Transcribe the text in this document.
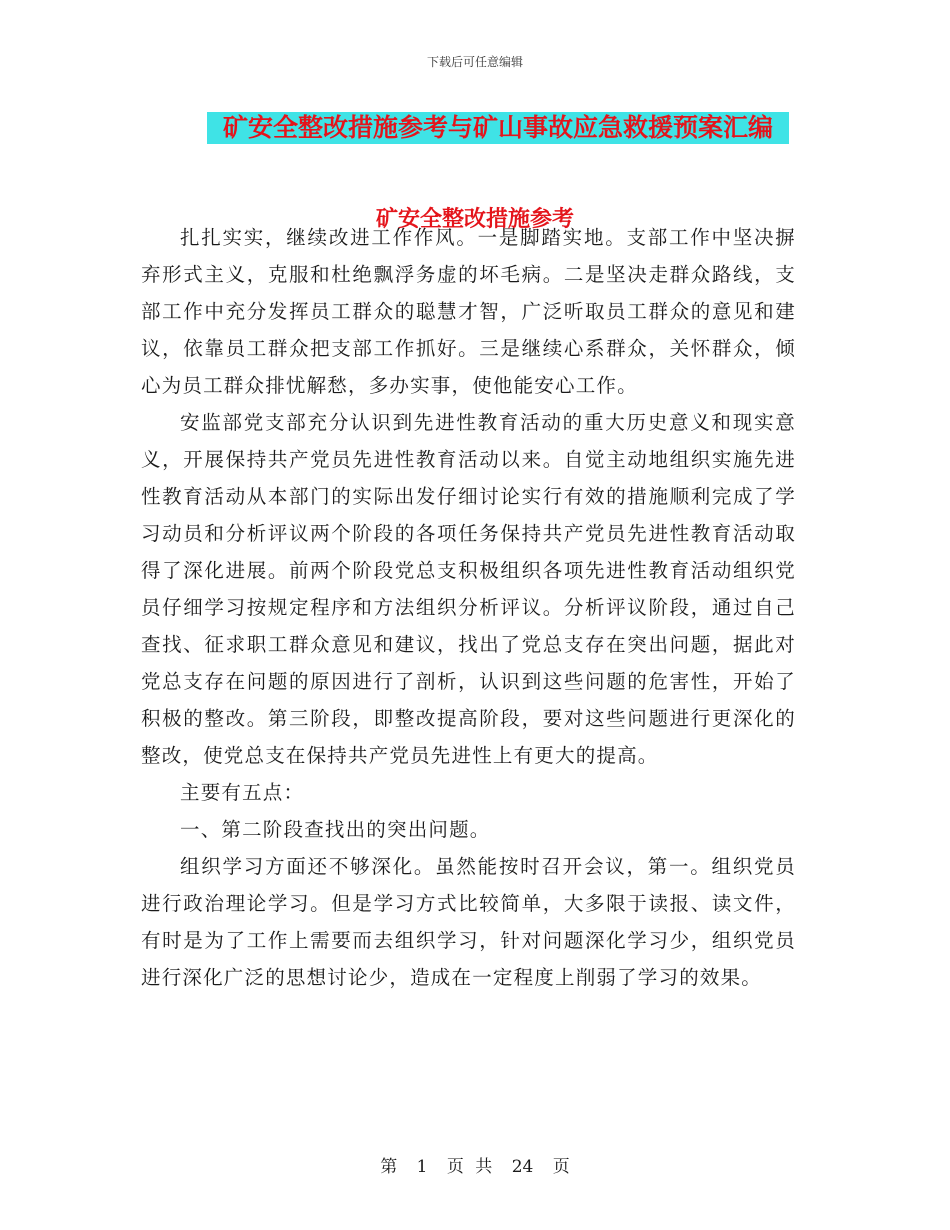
下载后可任意编辑
矿安全整改措施参考与矿山事故应急救援预案汇编
矿安全整改措施参考

扎扎实实，继续改进工作作风。一是脚踏实地。支部工作中坚决摒弃形式主义，克服和杜绝飘浮务虚的坏毛病。二是坚决走群众路线，支部工作中充分发挥员工群众的聪慧才智，广泛听取员工群众的意见和建议，依靠员工群众把支部工作抓好。三是继续心系群众，关怀群众，倾心为员工群众排忧解愁，多办实事，使他能安心工作。

安监部党支部充分认识到先进性教育活动的重大历史意义和现实意义，开展保持共产党员先进性教育活动以来。自觉主动地组织实施先进性教育活动从本部门的实际出发仔细讨论实行有效的措施顺利完成了学习动员和分析评议两个阶段的各项任务保持共产党员先进性教育活动取得了深化进展。前两个阶段党总支积极组织各项先进性教育活动组织党员仔细学习按规定程序和方法组织分析评议。分析评议阶段，通过自己查找、征求职工群众意见和建议，找出了党总支存在突出问题，据此对党总支存在问题的原因进行了剖析，认识到这些问题的危害性，开始了积极的整改。第三阶段，即整改提高阶段，要对这些问题进行更深化的整改，使党总支在保持共产党员先进性上有更大的提高。

主要有五点：

一、第二阶段查找出的突出问题。

组织学习方面还不够深化。虽然能按时召开会议，第一。组织党员进行政治理论学习。但是学习方式比较简单，大多限于读报、读文件，有时是为了工作上需要而去组织学习，针对问题深化学习少，组织党员进行深化广泛的思想讨论少，造成在一定程度上削弱了学习的效果。

第 1 页 共 24 页
